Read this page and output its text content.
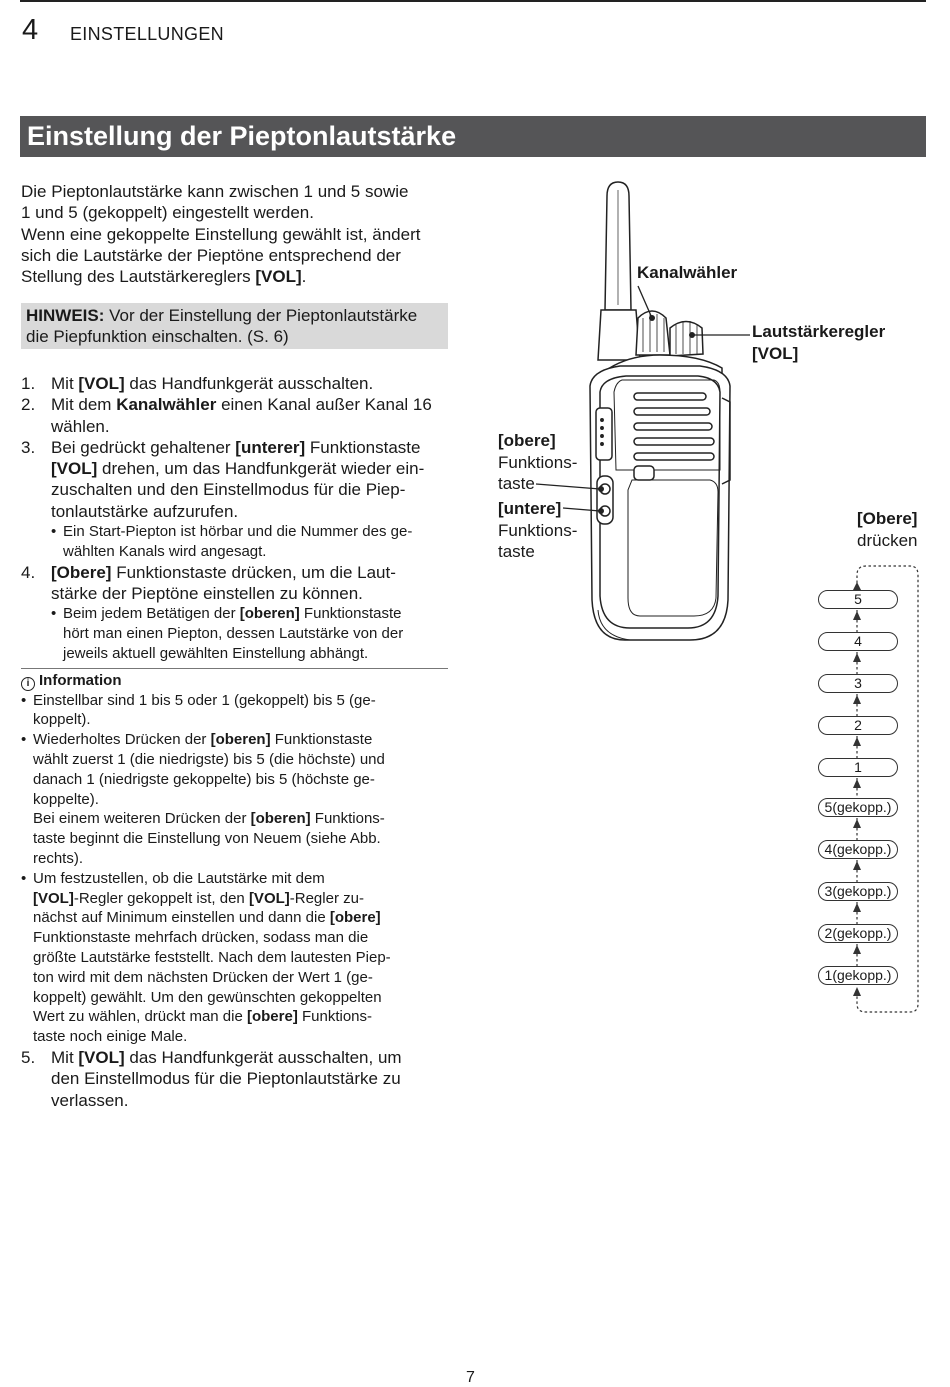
4 EINSTELLUNGEN
Einstellung der Pieptonlautstärke

Die Pieptonlautstärke kann zwischen 1 und 5 sowie

1 und 5 (gekoppelt) eingestellt werden.

Wenn eine gekoppelte Einstellung gewählt ist, ändert

sich die Lautstärke der Pieptöne entsprechend der

Stellung des Lautstärkereglers [VOL].

HINWEIS: Vor der Einstellung der Pieptonlautstärke
die Piepfunktion einschalten. (S. 6)
1. Mit [VOL] das Handfunkgerät ausschalten.
2. Mit dem Kanalwähler einen Kanal außer Kanal 16
wählen.
3. Bei gedrückt gehaltener [unterer] Funktionstaste
[VOL] drehen, um das Handfunkgerät wieder ein-
zuschalten und den Einstellmodus für die Piep-
tonlautstärke aufzurufen.
• Ein Start-Piepton ist hörbar und die Nummer des ge-
wählten Kanals wird angesagt.
4. [Obere] Funktionstaste drücken, um die Laut-
stärke der Pieptöne einstellen zu können.
• Beim jedem Betätigen der [oberen] Funktionstaste
hört man einen Piepton, dessen Lautstärke von der
jeweils aktuell gewählten Einstellung abhängt.
i Information
• Einstellbar sind 1 bis 5 oder 1 (gekoppelt) bis 5 (ge-
koppelt).
• Wiederholtes Drücken der [oberen] Funktionstaste
wählt zuerst 1 (die niedrigste) bis 5 (die höchste) und
danach 1 (niedrigste gekoppelte) bis 5 (höchste ge-
koppelte).
Bei einem weiteren Drücken der [oberen] Funktions-
taste beginnt die Einstellung von Neuem (siehe Abb.
rechts).
• Um festzustellen, ob die Lautstärke mit dem
[VOL]-Regler gekoppelt ist, den [VOL]-Regler zu-
nächst auf Minimum einstellen und dann die [obere]
Funktionstaste mehrfach drücken, sodass man die
größte Lautstärke feststellt. Nach dem lautesten Piep-
ton wird mit dem nächsten Drücken der Wert 1 (ge-
koppelt) gewählt. Um den gewünschten gekoppelten
Wert zu wählen, drückt man die [obere] Funktions-
taste noch einige Male.
5. Mit [VOL] das Handfunkgerät ausschalten, um
den Einstellmodus für die Pieptonlautstärke zu
verlassen.
Kanalwähler
Lautstärkeregler
[VOL]
[obere]
Funktions-
taste
[untere]
Funktions-
taste
[Obere]
drücken
5
4
3
2
1
5(gekopp.)
4(gekopp.)
3(gekopp.)
2(gekopp.)
1(gekopp.)
7
